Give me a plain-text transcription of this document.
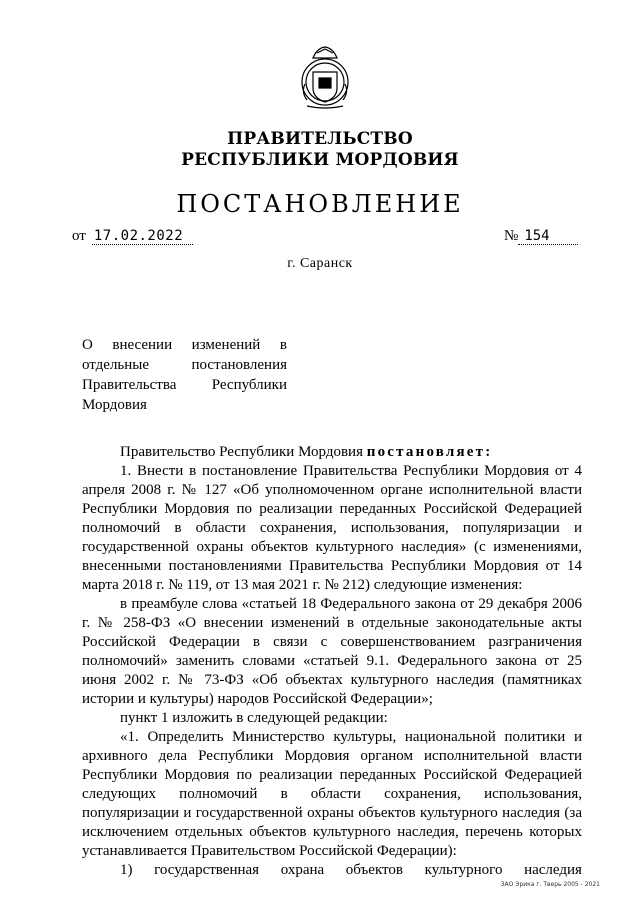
ПРАВИТЕЛЬСТВО
РЕСПУБЛИКИ МОРДОВИЯ
ПОСТАНОВЛЕНИЕ
от 17.02.2022	№ 154
г. Саранск
О внесении изменений в
отдельные	постановления
Правительства Республики
Мордовия
Правительство Республики Мордовия постановляет:
1. Внести в постановление Правительства Республики Мордовия от 4 апреля 2008 г. № 127 «Об уполномоченном органе исполнительной власти Республики Мордовия по реализации переданных Российской Федерацией полномочий в области сохранения, использования, популяризации и государственной охраны объектов культурного наследия» (с изменениями, внесенными постановлениями Правительства Республики Мордовия от 14 марта 2018 г. № 119, от 13 мая 2021 г. № 212) следующие изменения:
в преамбуле слова «статьей 18 Федерального закона от 29 декабря 2006 г. № 258-ФЗ «О внесении изменений в отдельные законодательные акты Российской Федерации в связи с совершенствованием разграничения полномочий» заменить словами «статьей 9.1. Федерального закона от 25 июня 2002 г. № 73-ФЗ «Об объектах культурного наследия (памятниках истории и культуры) народов Российской Федерации»;
пункт 1 изложить в следующей редакции:
«1. Определить Министерство культуры, национальной политики и архивного дела Республики Мордовия органом исполнительной власти Республики Мордовия по реализации переданных Российской Федерацией следующих полномочий в области сохранения, использования, популяризации и государственной охраны объектов культурного наследия (за исключением отдельных объектов культурного наследия, перечень которых устанавливается Правительством Российской Федерации):
1) государственная охрана объектов культурного наследия
ЗАО Эрика г. Тверь 2005 - 2021
